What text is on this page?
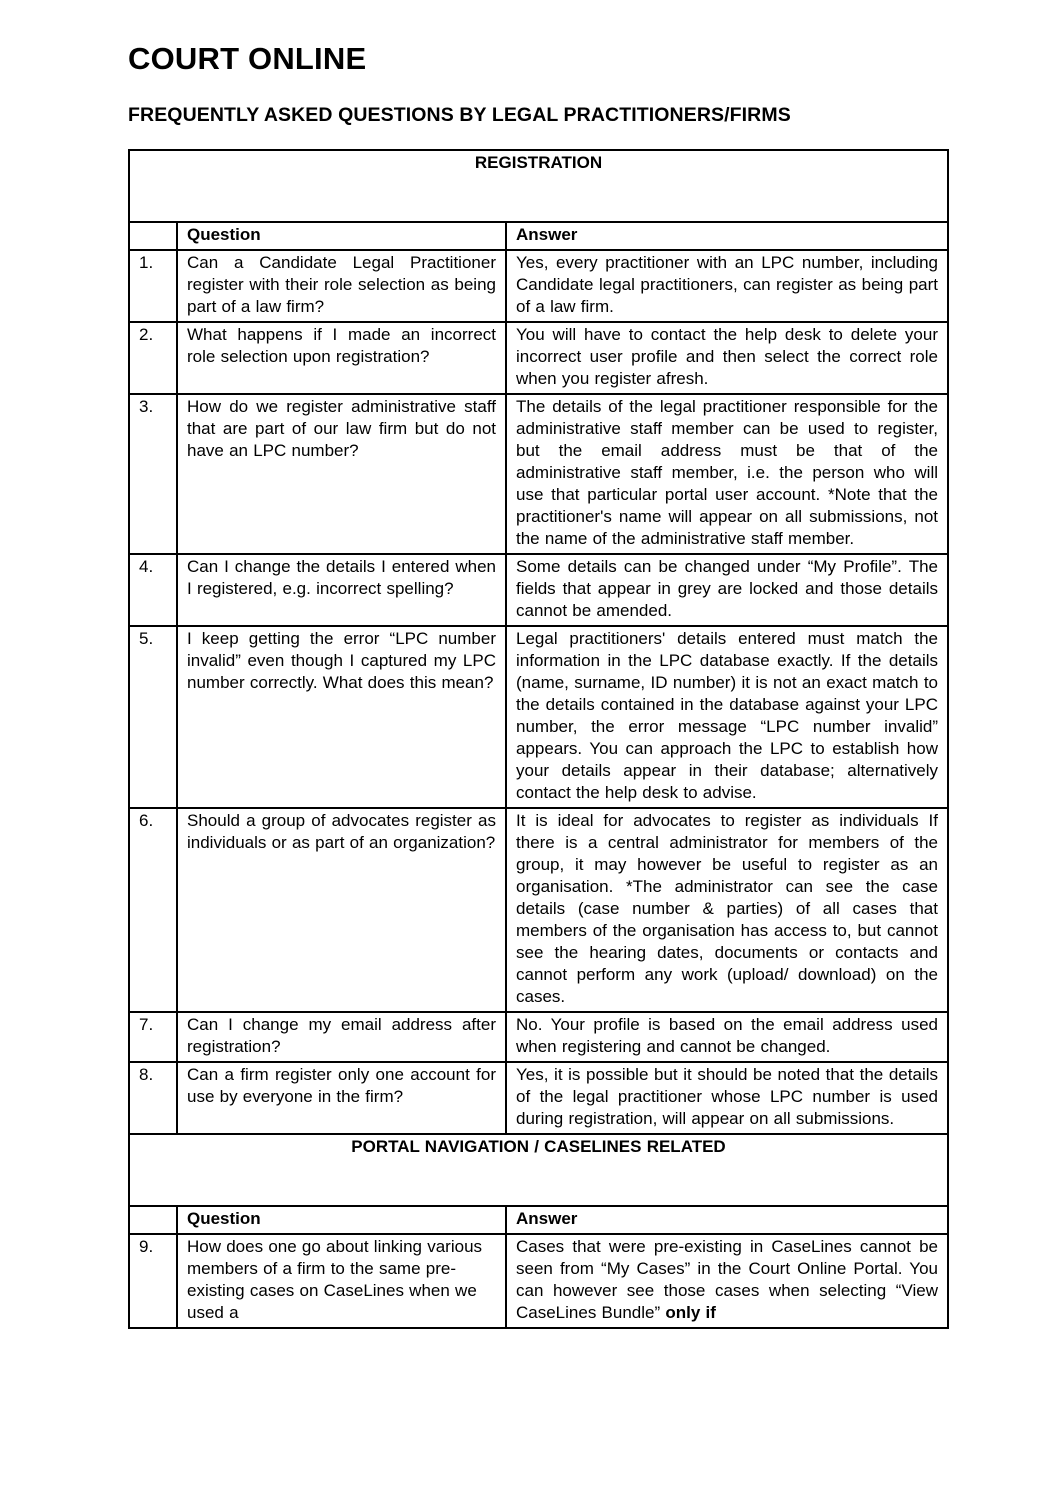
COURT ONLINE
FREQUENTLY ASKED QUESTIONS BY LEGAL PRACTITIONERS/FIRMS
REGISTRATION		
	Question	Answer
1.	Can a Candidate Legal Practitioner register with their role selection as being part of a law firm?	Yes, every practitioner with an LPC number, including Candidate legal practitioners, can register as being part of a law firm.
2.	What happens if I made an incorrect role selection upon registration?	You will have to contact the help desk to delete your incorrect user profile and then select the correct role when you register afresh.
3.	How do we register administrative staff that are part of our law firm but do not have an LPC number?	The details of the legal practitioner responsible for the administrative staff member can be used to register, but the email address must be that of the administrative staff member, i.e. the person who will use that particular portal user account. *Note that the practitioner's name will appear on all submissions, not the name of the administrative staff member.
4.	Can I change the details I entered when I registered, e.g. incorrect spelling?	Some details can be changed under “My Profile”. The fields that appear in grey are locked and those details cannot be amended.
5.	I keep getting the error “LPC number invalid” even though I captured my LPC number correctly. What does this mean?	Legal practitioners' details entered must match the information in the LPC database exactly. If the details (name, surname, ID number) it is not an exact match to the details contained in the database against your LPC number, the error message “LPC number invalid” appears. You can approach the LPC to establish how your details appear in their database; alternatively contact the help desk to advise.
6.	Should a group of advocates register as individuals or as part of an organization?	It is ideal for advocates to register as individuals If there is a central administrator for members of the group, it may however be useful to register as an organisation. *The administrator can see the case details (case number & parties) of all cases that members of the organisation has access to, but cannot see the hearing dates, documents or contacts and cannot perform any work (upload/ download) on the cases.
7.	Can I change my email address after registration?	No. Your profile is based on the email address used when registering and cannot be changed.
8.	Can a firm register only one account for use by everyone in the firm?	Yes, it is possible but it should be noted that the details of the legal practitioner whose LPC number is used during registration, will appear on all submissions.
PORTAL NAVIGATION / CASELINES RELATED		
	Question	Answer
9.	How does one go about linking various members of a firm to the same pre-existing cases on CaseLines when we used a	Cases that were pre-existing in CaseLines cannot be seen from “My Cases” in the Court Online Portal. You can however see those cases when selecting “View CaseLines Bundle” only if
